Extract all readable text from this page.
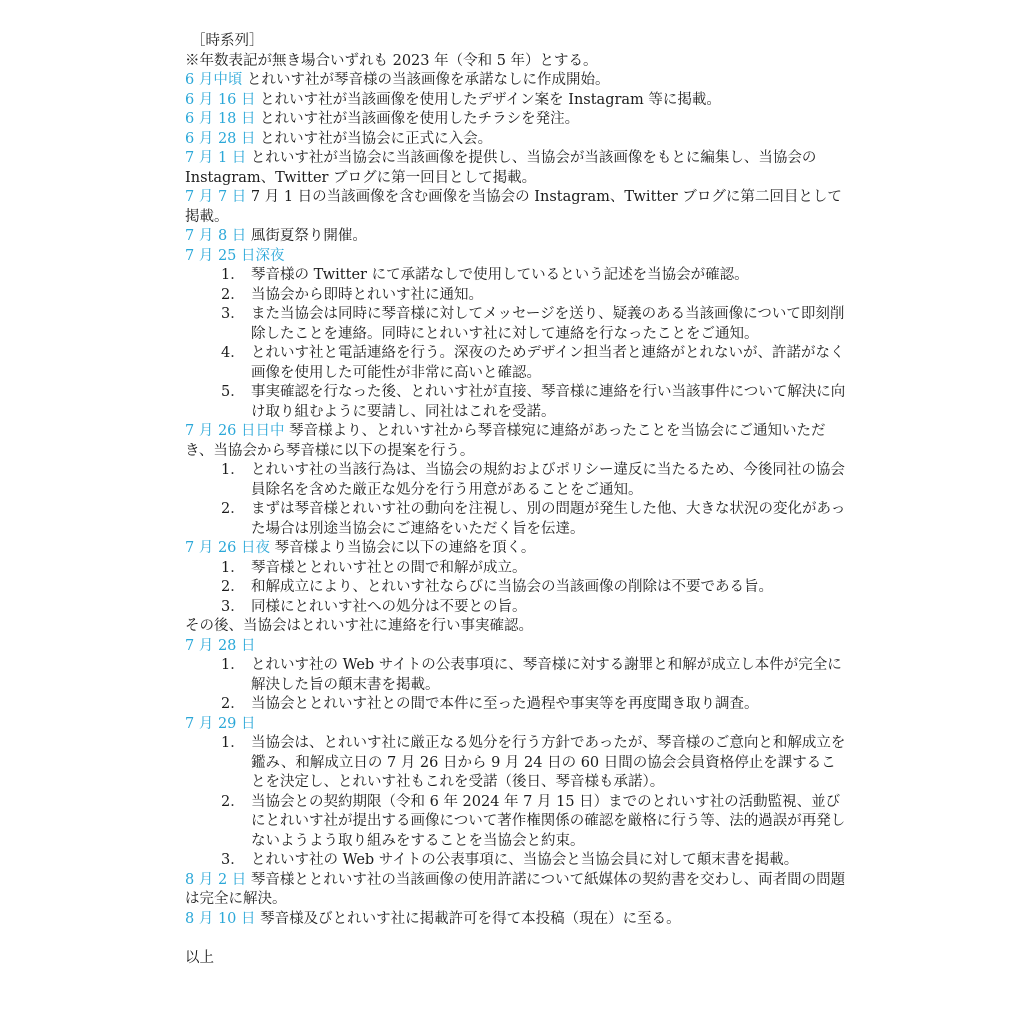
［時系列］

※年数表記が無き場合いずれも 2023 年（令和 5 年）とする。

6 月中頃 とれいす社が琴音様の当該画像を承諾なしに作成開始。

6 月 16 日 とれいす社が当該画像を使用したデザイン案を Instagram 等に掲載。

6 月 18 日 とれいす社が当該画像を使用したチラシを発注。

6 月 28 日 とれいす社が当協会に正式に入会。

7 月 1 日 とれいす社が当協会に当該画像を提供し、当協会が当該画像をもとに編集し、当協会の Instagram、Twitter ブログに第一回目として掲載。

7 月 7 日 7 月 1 日の当該画像を含む画像を当協会の Instagram、Twitter ブログに第二回目として掲載。

7 月 8 日 風街夏祭り開催。

7 月 25 日深夜

1． 琴音様の Twitter にて承諾なしで使用しているという記述を当協会が確認。
2． 当協会から即時とれいす社に通知。
3． また当協会は同時に琴音様に対してメッセージを送り、疑義のある当該画像について即刻削除したことを連絡。同時にとれいす社に対して連絡を行なったことをご通知。
4． とれいす社と電話連絡を行う。深夜のためデザイン担当者と連絡がとれないが、許諾がなく画像を使用した可能性が非常に高いと確認。
5． 事実確認を行なった後、とれいす社が直接、琴音様に連絡を行い当該事件について解決に向け取り組むように要請し、同社はこれを受諾。

7 月 26 日日中 琴音様より、とれいす社から琴音様宛に連絡があったことを当協会にご通知いただき、当協会から琴音様に以下の提案を行う。

1． とれいす社の当該行為は、当協会の規約およびポリシー違反に当たるため、今後同社の協会員除名を含めた厳正な処分を行う用意があることをご通知。
2． まずは琴音様とれいす社の動向を注視し、別の問題が発生した他、大きな状況の変化があった場合は別途当協会にご連絡をいただく旨を伝達。

7 月 26 日夜 琴音様より当協会に以下の連絡を頂く。

1． 琴音様ととれいす社との間で和解が成立。
2． 和解成立により、とれいす社ならびに当協会の当該画像の削除は不要である旨。
3． 同様にとれいす社への処分は不要との旨。

その後、当協会はとれいす社に連絡を行い事実確認。

7 月 28 日

1． とれいす社の Web サイトの公表事項に、琴音様に対する謝罪と和解が成立し本件が完全に解決した旨の顛末書を掲載。
2． 当協会ととれいす社との間で本件に至った過程や事実等を再度聞き取り調査。

7 月 29 日

1． 当協会は、とれいす社に厳正なる処分を行う方針であったが、琴音様のご意向と和解成立を鑑み、和解成立日の 7 月 26 日から 9 月 24 日の 60 日間の協会会員資格停止を課することを決定し、とれいす社もこれを受諾（後日、琴音様も承諾）。
2． 当協会との契約期限（令和 6 年 2024 年 7 月 15 日）までのとれいす社の活動監視、並びにとれいす社が提出する画像について著作権関係の確認を厳格に行う等、法的過誤が再発しないようよう取り組みをすることを当協会と約束。
3． とれいす社の Web サイトの公表事項に、当協会と当協会員に対して顛末書を掲載。

8 月 2 日 琴音様ととれいす社の当該画像の使用許諾について紙媒体の契約書を交わし、両者間の問題は完全に解決。

8 月 10 日 琴音様及びとれいす社に掲載許可を得て本投稿（現在）に至る。

以上
